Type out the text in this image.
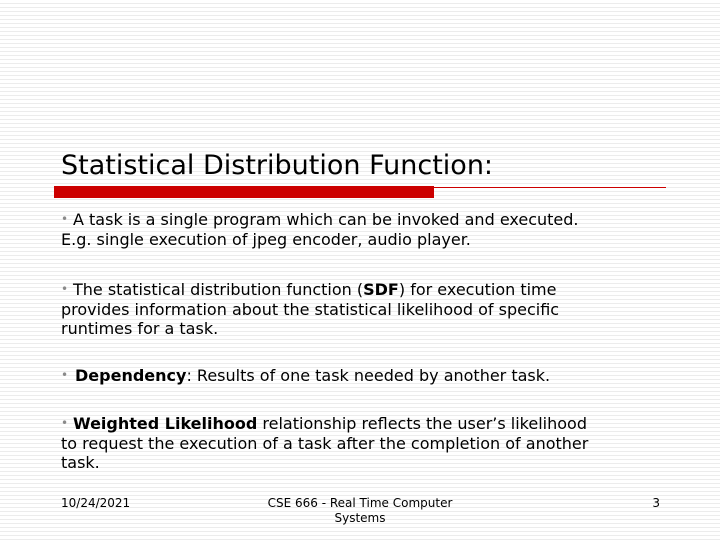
Statistical Distribution Function:
• A task is a single program which can be invoked and executed.
E.g. single execution of jpeg encoder, audio player.
• The statistical distribution function (SDF) for execution time
provides information about the statistical likelihood of specific
runtimes for a task.
• Dependency: Results of one task needed by another task.
• Weighted Likelihood relationship reflects the user’s likelihood
to request the execution of a task after the completion of another
task.
10/24/2021	CSE 666 - Real Time Computer
Systems
3
